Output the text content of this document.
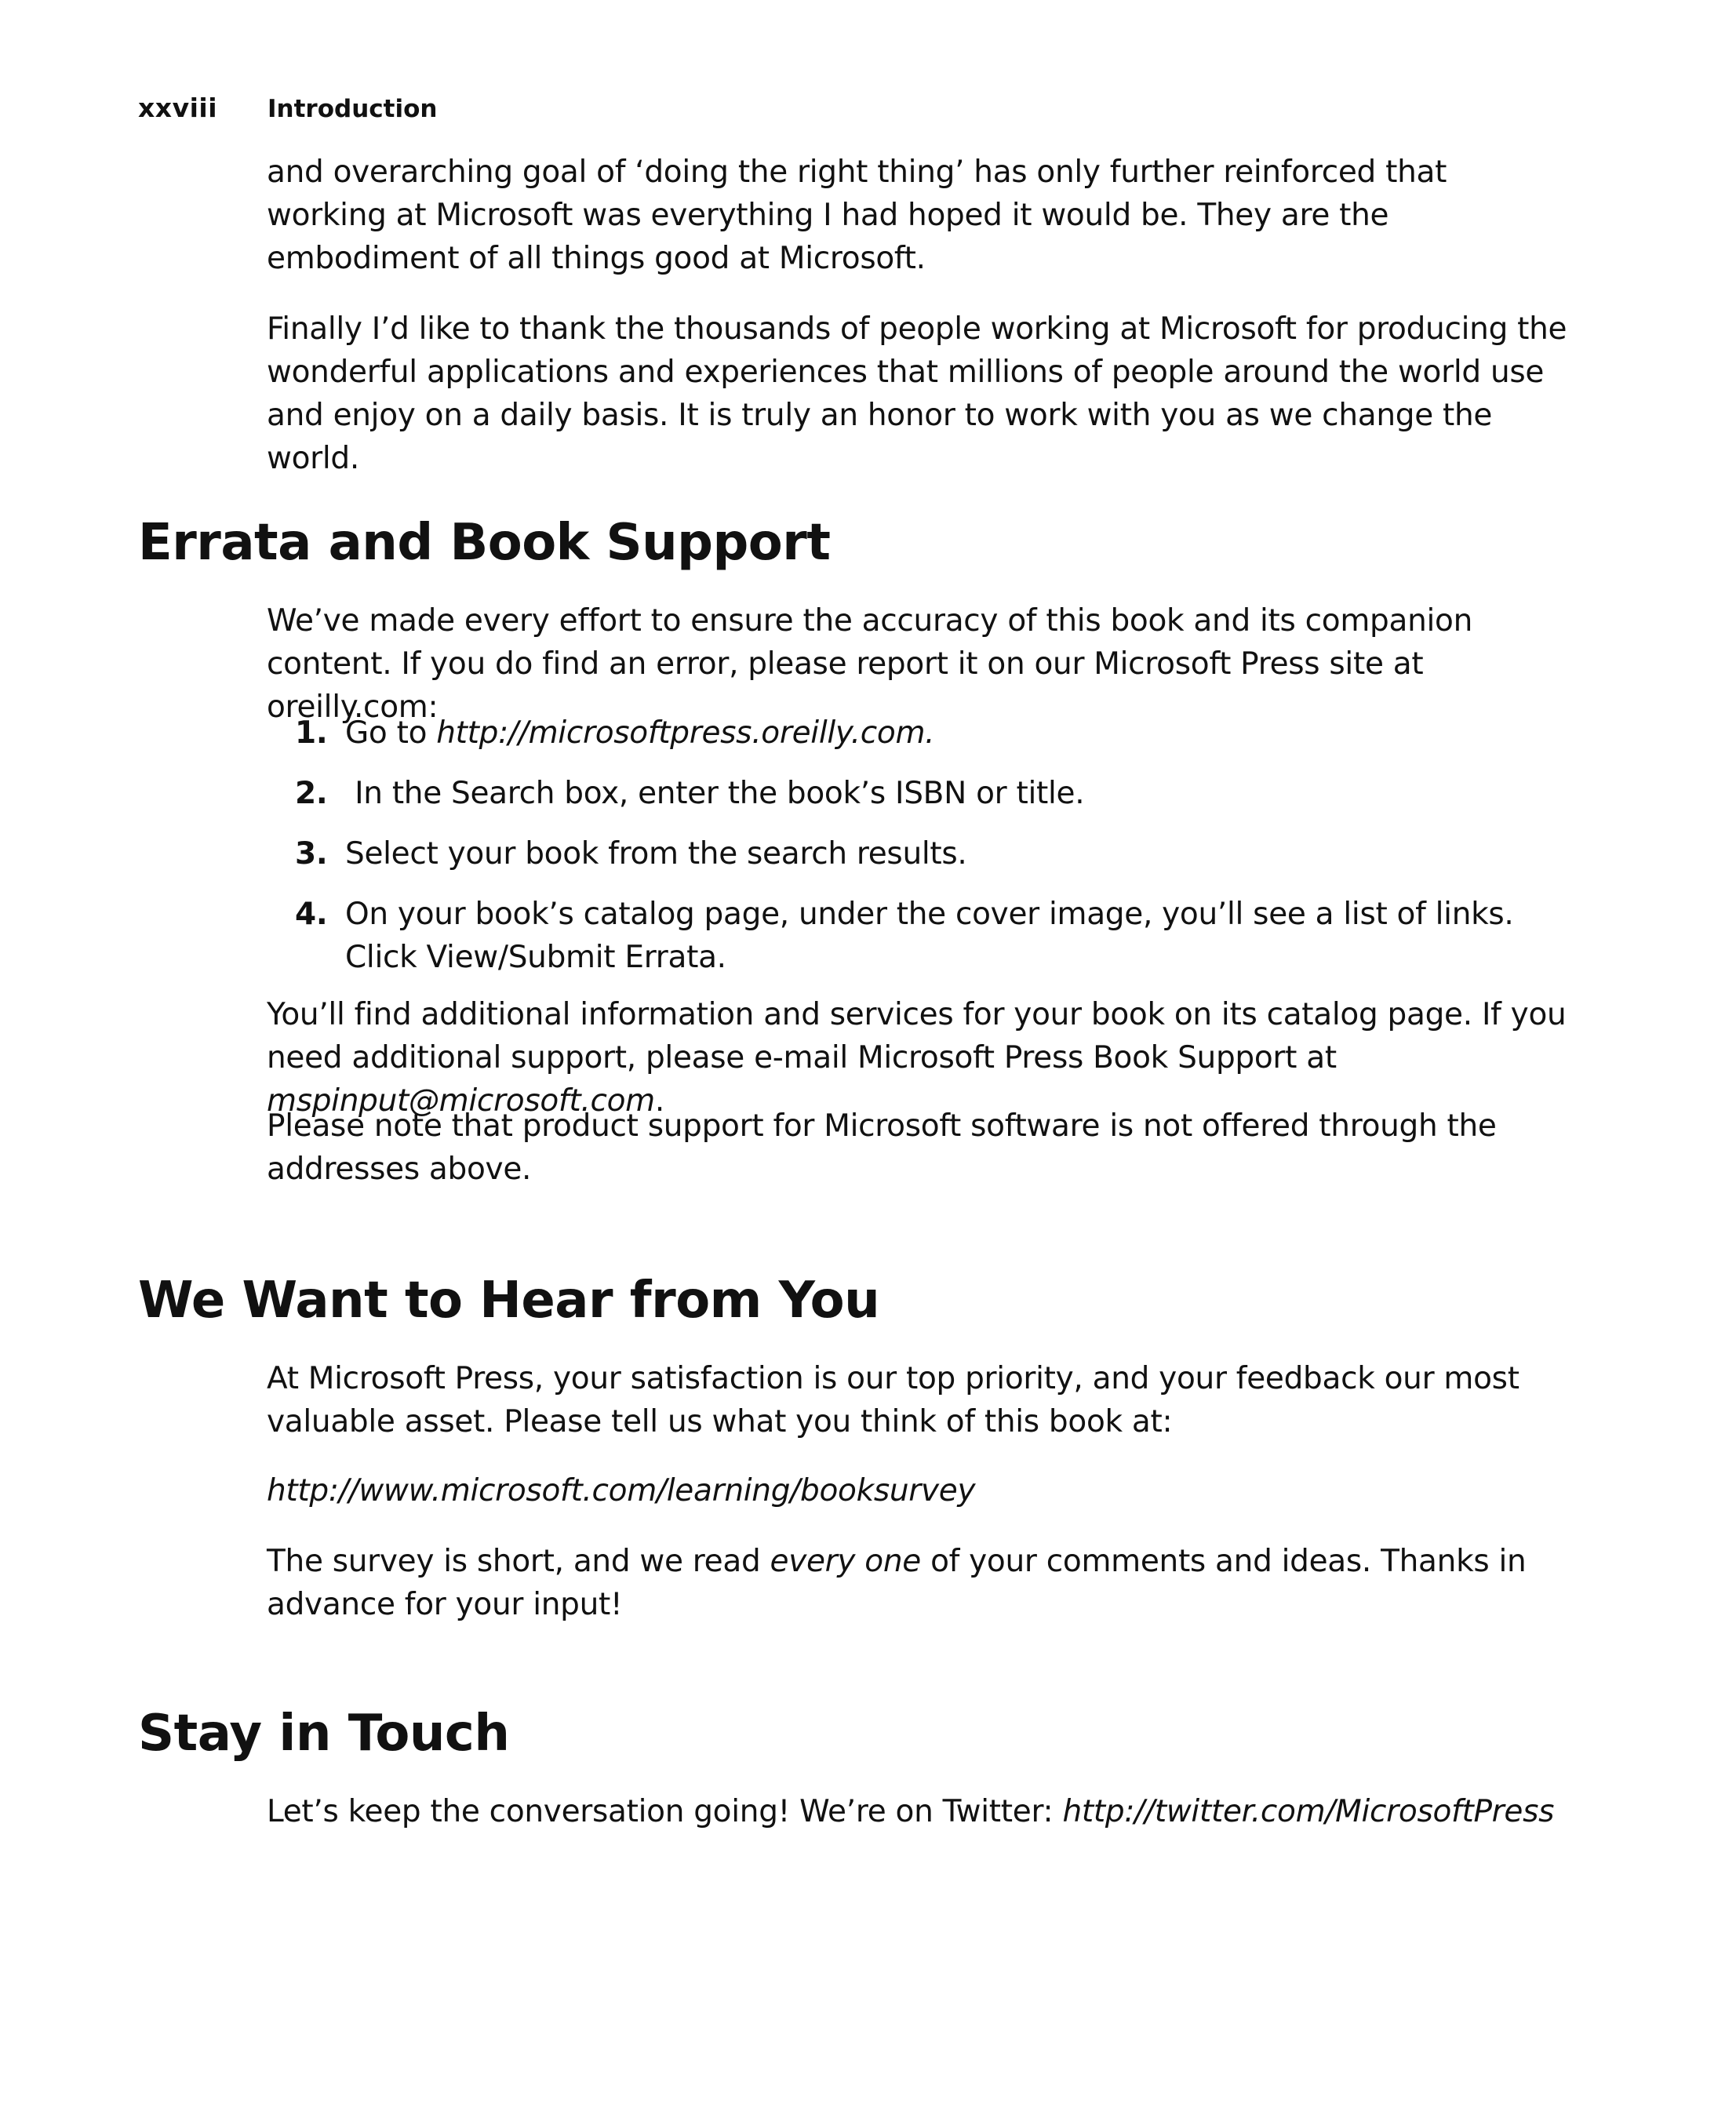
xxviii	Introduction

and overarching goal of ‘doing the right thing’ has only further reinforced that working at Microsoft was everything I had hoped it would be. They are the embodiment of all things good at Microsoft.

Finally I’d like to thank the thousands of people working at Microsoft for producing the wonderful applications and experiences that millions of people around the world use and enjoy on a daily basis. It is truly an honor to work with you as we change the world.

Errata and Book Support

We’ve made every effort to ensure the accuracy of this book and its companion content. If you do find an error, please report it on our Microsoft Press site at oreilly.com:

1. Go to http://microsoftpress.oreilly.com.
2. In the Search box, enter the book’s ISBN or title.
3. Select your book from the search results.
4. On your book’s catalog page, under the cover image, you’ll see a list of links.
Click View/Submit Errata.

You’ll find additional information and services for your book on its catalog page. If you need additional support, please e-mail Microsoft Press Book Support at mspinput@microsoft.com.

Please note that product support for Microsoft software is not offered through the addresses above.

We Want to Hear from You

At Microsoft Press, your satisfaction is our top priority, and your feedback our most valuable asset. Please tell us what you think of this book at:

http://www.microsoft.com/learning/booksurvey

The survey is short, and we read every one of your comments and ideas. Thanks in advance for your input!

Stay in Touch

Let’s keep the conversation going! We’re on Twitter: http://twitter.com/MicrosoftPress
